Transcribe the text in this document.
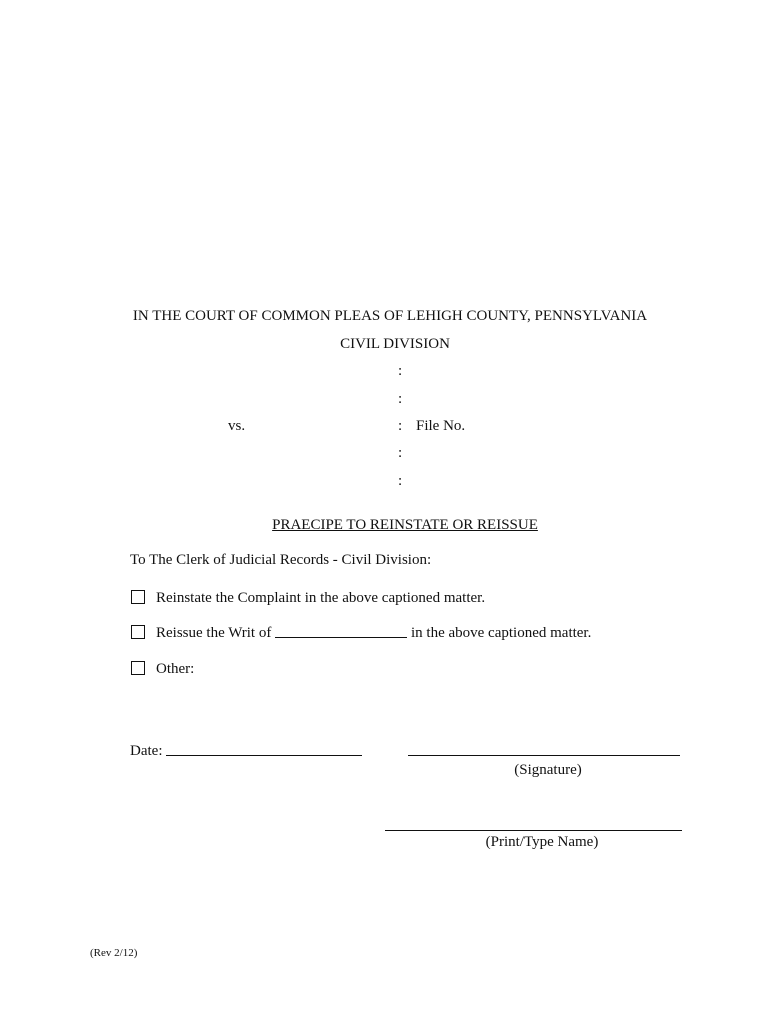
IN THE COURT OF COMMON PLEAS OF LEHIGH COUNTY, PENNSYLVANIA
CIVIL DIVISION
:
:
:
:
:
vs.	File No.
PRAECIPE TO REINSTATE OR REISSUE
To The Clerk of Judicial Records - Civil Division:
Reinstate the Complaint in the above captioned matter.
Reissue the Writ of	in the above captioned matter.
Other:
Date:
(Signature)
(Print/Type Name)
(Rev 2/12)
